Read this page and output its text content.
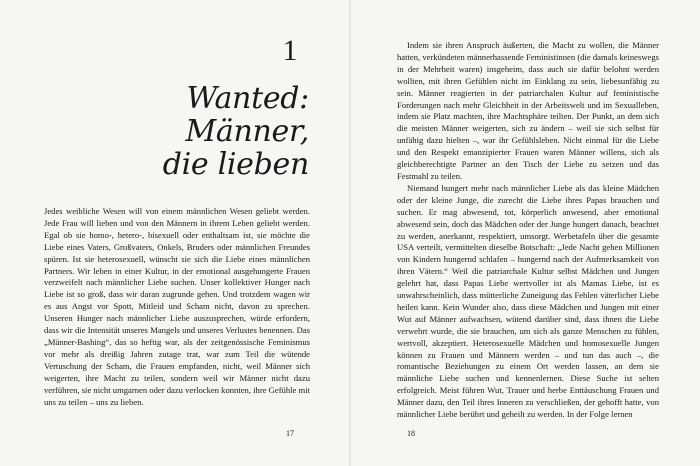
1
Wanted:
Männer,
die lieben

Jedes weibliche Wesen will von einem männlichen Wesen geliebt werden. Jede Frau will lieben und von den Männern in ihrem Leben geliebt werden. Egal ob sie homo-, hetero-, bisexuell oder enthaltsam ist, sie möchte die Liebe eines Vaters, Großvaters, Onkels, Bruders oder männlichen Freundes spüren. Ist sie heterosexuell, wünscht sie sich die Liebe eines männlichen Partners. Wir leben in einer Kultur, in der emotional ausgehungerte Frauen verzweifelt nach männlicher Liebe suchen. Unser kollektiver Hunger nach Liebe ist so groß, dass wir daran zugrunde gehen. Und trotzdem wagen wir es aus Angst vor Spott, Mitleid und Scham nicht, davon zu sprechen. Unseren Hunger nach männlicher Liebe auszusprechen, würde erfordern, dass wir die Intensität unseres Mangels und unseres Verlustes benennen. Das „Männer-Bashing“, das so heftig war, als der zeitgenössische Feminismus vor mehr als dreißig Jahren zutage trat, war zum Teil die wütende Vertuschung der Scham, die Frauen empfanden, nicht, weil Männer sich weigerten, ihre Macht zu teilen, sondern weil wir Männer nicht dazu verführen, sie nicht umgarnen oder dazu verlocken konnten, ihre Gefühle mit uns zu teilen – uns zu lieben.

17

Indem sie ihren Anspruch äußerten, die Macht zu wollen, die Männer hatten, verkündeten männerhassende Feministinnen (die damals keineswegs in der Mehrheit waren) insgeheim, dass auch sie dafür belohnt werden wollten, mit ihren Gefühlen nicht im Einklang zu sein, liebesunfähig zu sein. Männer reagierten in der patriarchalen Kultur auf feministische Forderungen nach mehr Gleichheit in der Arbeitswelt und im Sexualleben, indem sie Platz machten, ihre Machtsphäre teilten. Der Punkt, an dem sich die meisten Männer weigerten, sich zu ändern – weil sie sich selbst für unfähig dazu hielten –, war ihr Gefühlsleben. Nicht einmal für die Liebe und den Respekt emanzipierter Frauen waren Männer willens, sich als gleichberechtigte Partner an den Tisch der Liebe zu setzen und das Festmahl zu teilen.

Niemand hungert mehr nach männlicher Liebe als das kleine Mädchen oder der kleine Junge, die zurecht die Liebe ihres Papas brauchen und suchen. Er mag abwesend, tot, körperlich anwesend, aber emotional abwesend sein, doch das Mädchen oder der Junge hungert danach, beachtet zu werden, anerkannt, respektiert, umsorgt. Werbetafeln über die gesamte USA verteilt, vermittelten dieselbe Botschaft: „Jede Nacht gehen Millionen von Kindern hungernd schlafen – hungernd nach der Aufmerksamkeit von ihren Vätern.“ Weil die patriarchale Kultur selbst Mädchen und Jungen gelehrt hat, dass Papas Liebe wertvoller ist als Mamas Liebe, ist es unwahrscheinlich, dass mütterliche Zuneigung das Fehlen väterlicher Liebe heilen kann. Kein Wunder also, dass diese Mädchen und Jungen mit einer Wut auf Männer aufwachsen, wütend darüber sind, dass ihnen die Liebe verwehrt wurde, die sie brauchen, um sich als ganze Menschen zu fühlen, wertvoll, akzeptiert. Heterosexuelle Mädchen und homosexuelle Jungen können zu Frauen und Männern werden – und tun das auch –, die romantische Beziehungen zu einem Ort werden lassen, an dem sie männliche Liebe suchen und kennenlernen. Diese Suche ist selten erfolgreich. Meist führen Wut, Trauer und herbe Enttäuschung Frauen und Männer dazu, den Teil ihres Inneren zu verschließen, der gehofft hatte, von männlicher Liebe berührt und geheilt zu werden. In der Folge lernen

18
